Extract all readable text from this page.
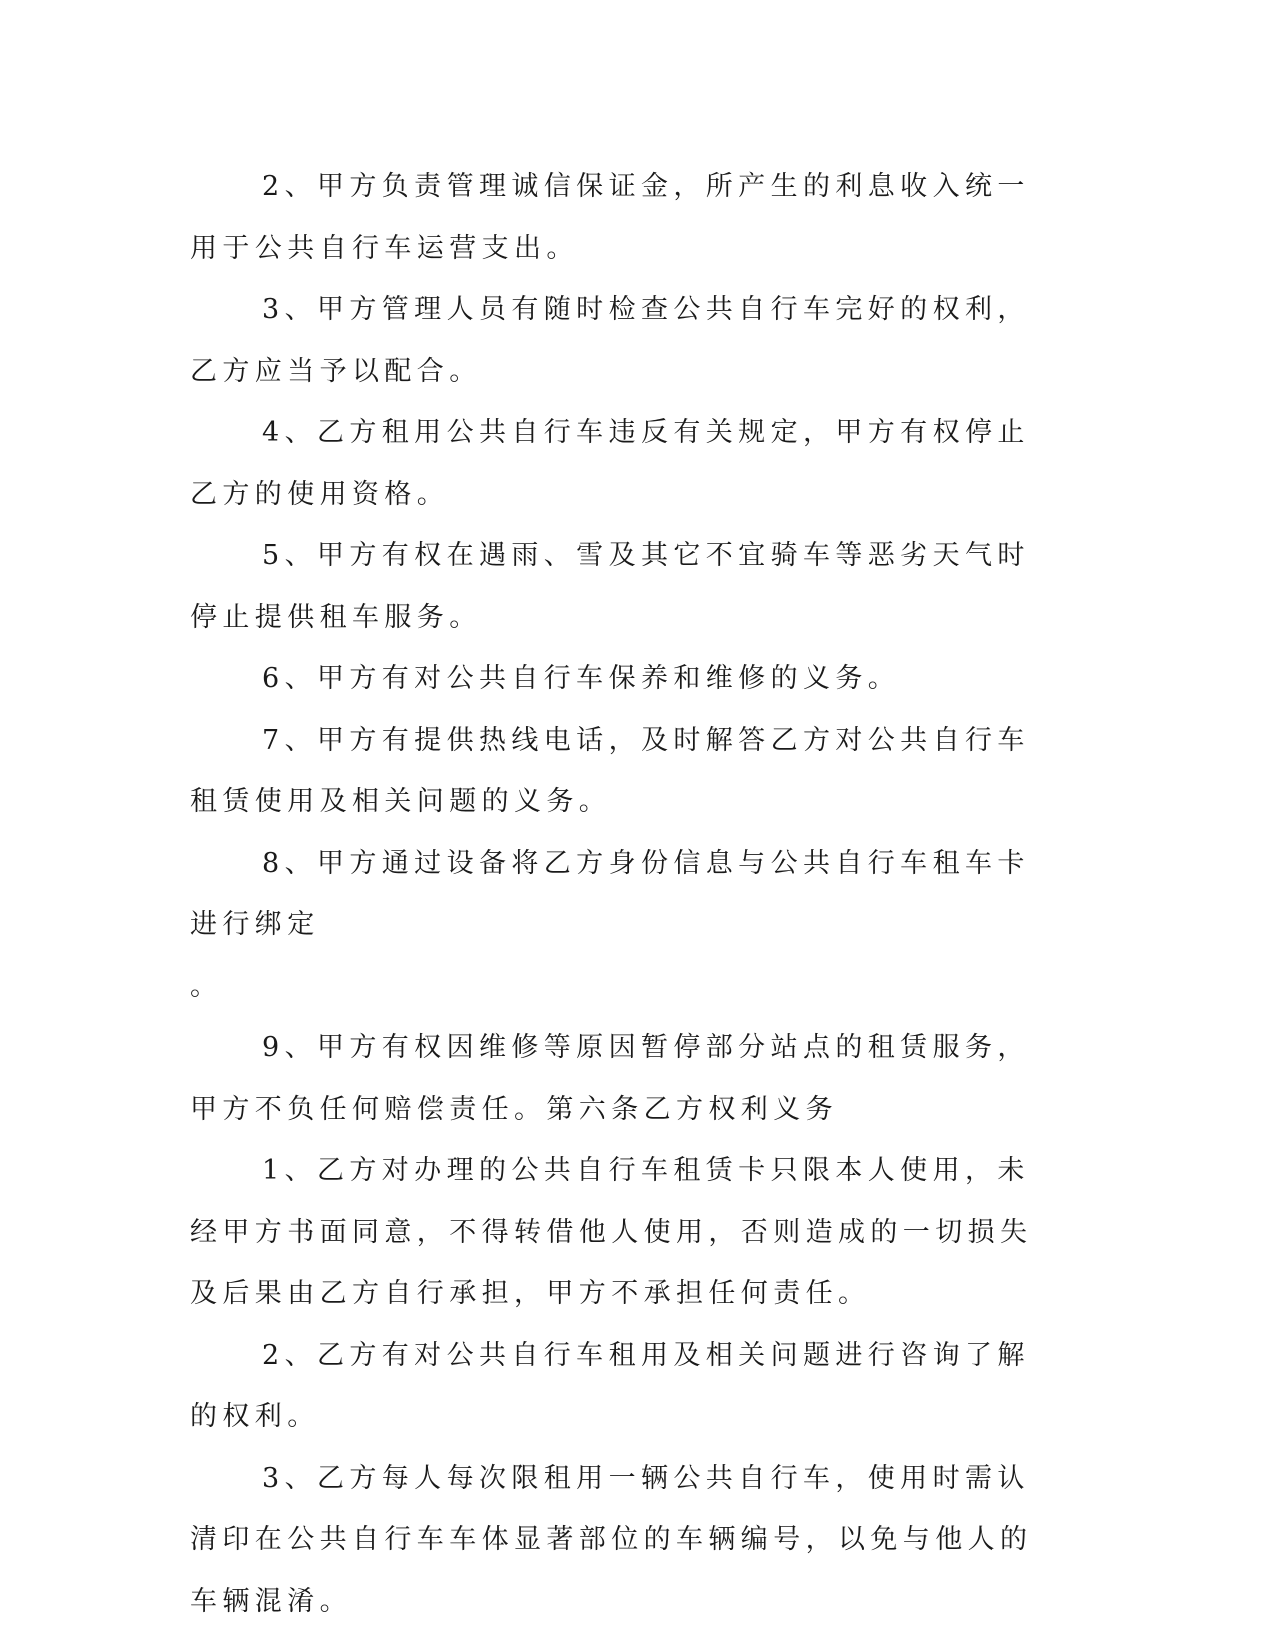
2、甲方负责管理诚信保证金，所产生的利息收入统一用于公共自行车运营支出。

3、甲方管理人员有随时检查公共自行车完好的权利，乙方应当予以配合。

4、乙方租用公共自行车违反有关规定，甲方有权停止乙方的使用资格。

5、甲方有权在遇雨、雪及其它不宜骑车等恶劣天气时停止提供租车服务。

6、甲方有对公共自行车保养和维修的义务。

7、甲方有提供热线电话，及时解答乙方对公共自行车租赁使用及相关问题的义务。

8、甲方通过设备将乙方身份信息与公共自行车租车卡进行绑定

。

9、甲方有权因维修等原因暂停部分站点的租赁服务，甲方不负任何赔偿责任。第六条乙方权利义务

1、乙方对办理的公共自行车租赁卡只限本人使用，未经甲方书面同意，不得转借他人使用，否则造成的一切损失及后果由乙方自行承担，甲方不承担任何责任。

2、乙方有对公共自行车租用及相关问题进行咨询了解的权利。

3、乙方每人每次限租用一辆公共自行车，使用时需认清印在公共自行车车体显著部位的车辆编号，以免与他人的车辆混淆。
